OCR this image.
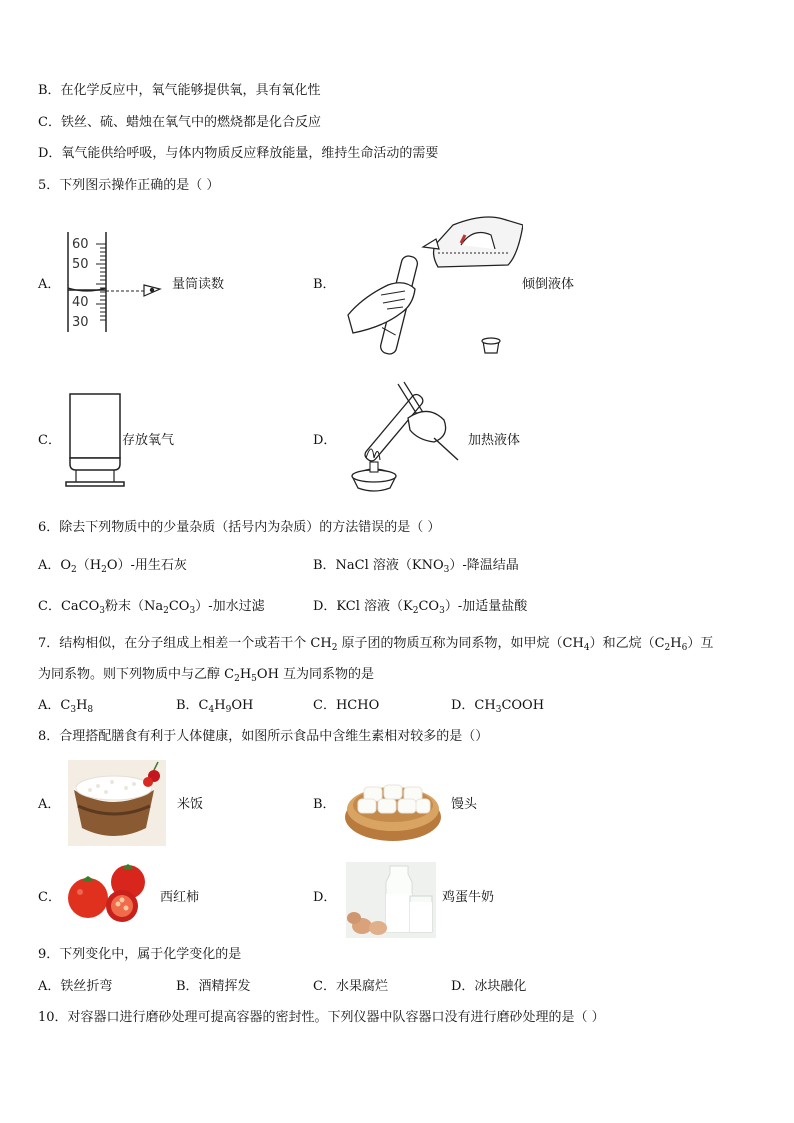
B．在化学反应中，氧气能够提供氧，具有氧化性
C．铁丝、硫、蜡烛在氧气中的燃烧都是化合反应
D．氧气能供给呼吸，与体内物质反应释放能量，维持生命活动的需要
5．下列图示操作正确的是（ ）
A．
60
50
40
30
量筒读数	B．	倾倒液体
C．	存放氧气	D．	加热液体
6．除去下列物质中的少量杂质（括号内为杂质）的方法错误的是（ ）
A．$O_2(H_2O)-$用生石灰	B．NaCl 溶液$(KNO_3)-$降温结晶
C．CaCO$_3$粉末$(Na_2CO_3)-$加水过滤	D．KCl 溶液$(K_2CO_3)-$加适量盐酸
7．结构相似，在分子组成上相差一个或若干个 $CH_2$ 原子团的物质互称为同系物，如甲烷$(CH_4)$和乙烷$(C_2H_6)$互
为同系物。则下列物质中与乙醇 $C_2H_5OH$ 互为同系物的是
A．$C_3H_8$	B．$C_4H_9OH$	C．HCHO	D．$CH_3COOH$
8．合理搭配膳食有利于人体健康，如图所示食品中含维生素相对较多的是（）
A．	米饭	B．	馒头
C．	西红柿	D．	鸡蛋牛奶
9．下列变化中，属于化学变化的是
A．铁丝折弯	B．酒精挥发	C．水果腐烂	D．冰块融化
10．对容器口进行磨砂处理可提高容器的密封性。下列仪器中队容器口没有进行磨砂处理的是（ ）
